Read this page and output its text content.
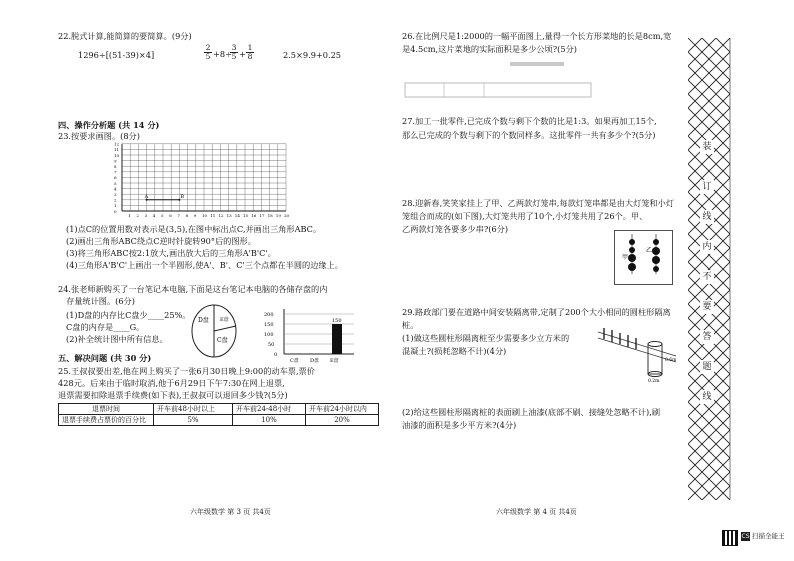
22.脱式计算,能简算的要简算。(9分)
1296÷[(51-39)×4]	$\frac{2}{5} +8\div$
$\frac{3}{5} + \frac{1}{8}$	2.5×9.9+0.25
四、操作分析题 (共 14 分)
23.按要求画图。(8分)
12
11
10
9
8
7
6
5
4
3
2
1
0
1 2 3 4 5 6 7 8 9 10 11 12 13 14 15 16 17 18 19 20
A	B
(1)点C的位置用数对表示是(3,5),在图中标出点C,并画出三角形ABC。
(2)画出三角形ABC绕点C逆时针旋转90°后的图形。
(3)将三角形ABC按2:1放大,画出放大后的三角形A'B'C'。
(4)三角形A'B'C'上画出一个半圆形,使A'、B'、C'三个点都在半圆的边缘上。
24.张老师新购买了一台笔记本电脑,下面是这台笔记本电脑的各储存盘的内
存量统计图。(6分)
(1)D盘的内存比C盘少____25%。
C盘的内存是____G。
(2)补全统计图中所有信息。
D盘
C盘
E盘
200
150
100
50
0
150
C盘 D盘 E盘
五、解决问题 (共 30 分)
25.王叔叔要出差,他在网上购买了一张6月30日晚上9:00的动车票,票价
428元。后来由于临时取消,他于6月29日下午7:30在网上退票,
退票需要扣除退票手续费(如下表),王叔叔可以退回多少钱?(5分)
退票时间	开车前48小时以上	开车前24-48小时	开车前24小时以内
退票手续费占票价的百分比	5%	10%	20%
六年级数学 第 3 页 共4页
26.在比例尺是1:2000的一幅平面图上,量得一个长方形菜地的长是8cm,宽
是4.5cm,这片菜地的实际面积是多少公顷?(5分)
27.加工一批零件,已完成个数与剩下个数的比是1:3。如果再加工15个,
那么已完成的个数与剩下的个数同样多。这批零件一共有多少个?(5分)
28.迎新春,笑笑家挂上了甲、乙两款灯笼串,每款灯笼串都是由大灯笼和小灯
笼组合而成的(如下图),大灯笼共用了10个,小灯笼共用了26个。甲、
乙两款灯笼各要多少串?(6分)
甲
乙
29.路政部门要在道路中间安装隔离带,定制了200个大小相同的圆柱形隔离
桩。
(1)做这些圆柱形隔离桩至少需要多少立方米的
混凝土?(损耗忽略不计)(4分)
0.6m
0.2m
(2)给这些圆柱形隔离桩的表面刷上油漆(底部不刷、接缝处忽略不计),刷
油漆的面积是多少平方米?(4分)
六年级数学 第 4 页 共4页
装
订
线
内
不
要
答
题
线
CS 扫描全能王
